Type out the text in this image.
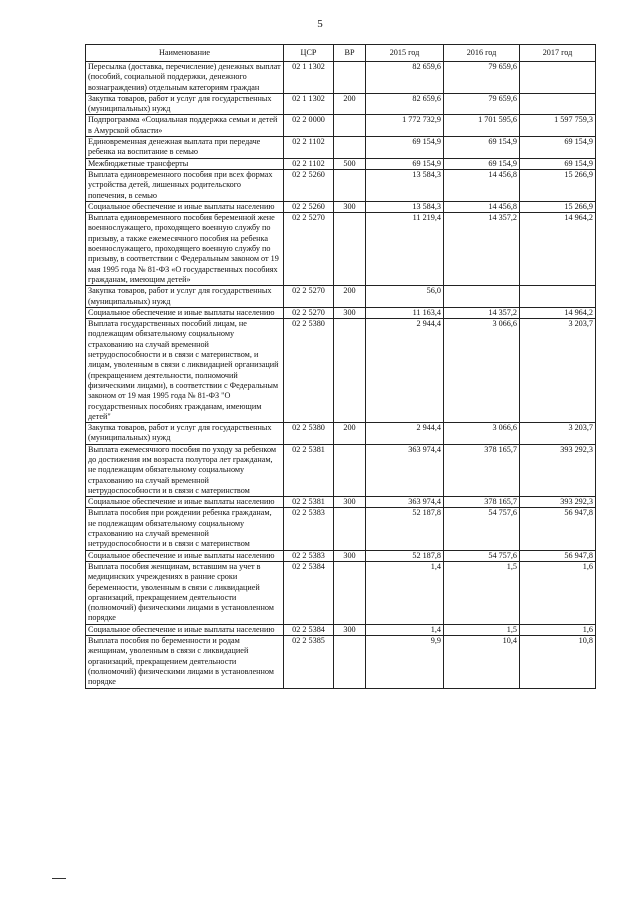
5
Наименование	ЦСР	ВР	2015 год	2016 год	2017 год
Пересылка (доставка, перечисление) денежных выплат (пособий, социальной поддержки, денежного вознаграждения) отдельным категориям граждан	02 1 1302		82 659,6	79 659,6	
Закупка товаров, работ и услуг для государственных (муниципальных) нужд	02 1 1302	200	82 659,6	79 659,6	
Подпрограмма «Социальная поддержка семьи и детей в Амурской области»	02 2 0000		1 772 732,9	1 701 595,6	1 597 759,3
Единовременная денежная выплата при передаче ребенка на воспитание в семью	02 2 1102		69 154,9	69 154,9	69 154,9
Межбюджетные трансферты	02 2 1102	500	69 154,9	69 154,9	69 154,9
Выплата единовременного пособия при всех формах устройства детей, лишенных родительского попечения, в семью	02 2 5260		13 584,3	14 456,8	15 266,9
Социальное обеспечение и иные выплаты населению	02 2 5260	300	13 584,3	14 456,8	15 266,9
Выплата единовременного пособия беременной жене военнослужащего, проходящего военную службу по призыву, а также ежемесячного пособия на ребенка военнослужащего, проходящего военную службу по призыву, в соответствии с Федеральным законом от 19 мая 1995 года № 81-ФЗ «О государственных пособиях гражданам, имеющим детей»	02 2 5270		11 219,4	14 357,2	14 964,2
Закупка товаров, работ и услуг для государственных (муниципальных) нужд	02 2 5270	200	56,0		
Социальное обеспечение и иные выплаты населению	02 2 5270	300	11 163,4	14 357,2	14 964,2
Выплата государственных пособий лицам, не подлежащим обязательному социальному страхованию на случай временной нетрудоспособности и в связи с материнством, и лицам, уволенным в связи с ликвидацией организаций (прекращением деятельности, полномочий физическими лицами), в соответствии с Федеральным законом от 19 мая 1995 года № 81-ФЗ "О государственных пособиях гражданам, имеющим детей"	02 2 5380		2 944,4	3 066,6	3 203,7
Закупка товаров, работ и услуг для государственных (муниципальных) нужд	02 2 5380	200	2 944,4	3 066,6	3 203,7
Выплата ежемесячного пособия по уходу за ребенком до достижения им возраста полутора лет гражданам, не подлежащим обязательному социальному страхованию на случай временной нетрудоспособности и в связи с материнством	02 2 5381		363 974,4	378 165,7	393 292,3
Социальное обеспечение и иные выплаты населению	02 2 5381	300	363 974,4	378 165,7	393 292,3
Выплата пособия при рождении ребенка гражданам, не подлежащим обязательному социальному страхованию на случай временной нетрудоспособности и в связи с материнством	02 2 5383		52 187,8	54 757,6	56 947,8
Социальное обеспечение и иные выплаты населению	02 2 5383	300	52 187,8	54 757,6	56 947,8
Выплата пособия женщинам, вставшим на учет в медицинских учреждениях в ранние сроки беременности, уволенным в связи с ликвидацией организаций, прекращением деятельности (полномочий) физическими лицами в установленном порядке	02 2 5384		1,4	1,5	1,6
Социальное обеспечение и иные выплаты населению	02 2 5384	300	1,4	1,5	1,6
Выплата пособия по беременности и родам женщинам, уволенным в связи с ликвидацией организаций, прекращением деятельности (полномочий) физическими лицами в установленном порядке	02 2 5385		9,9	10,4	10,8
